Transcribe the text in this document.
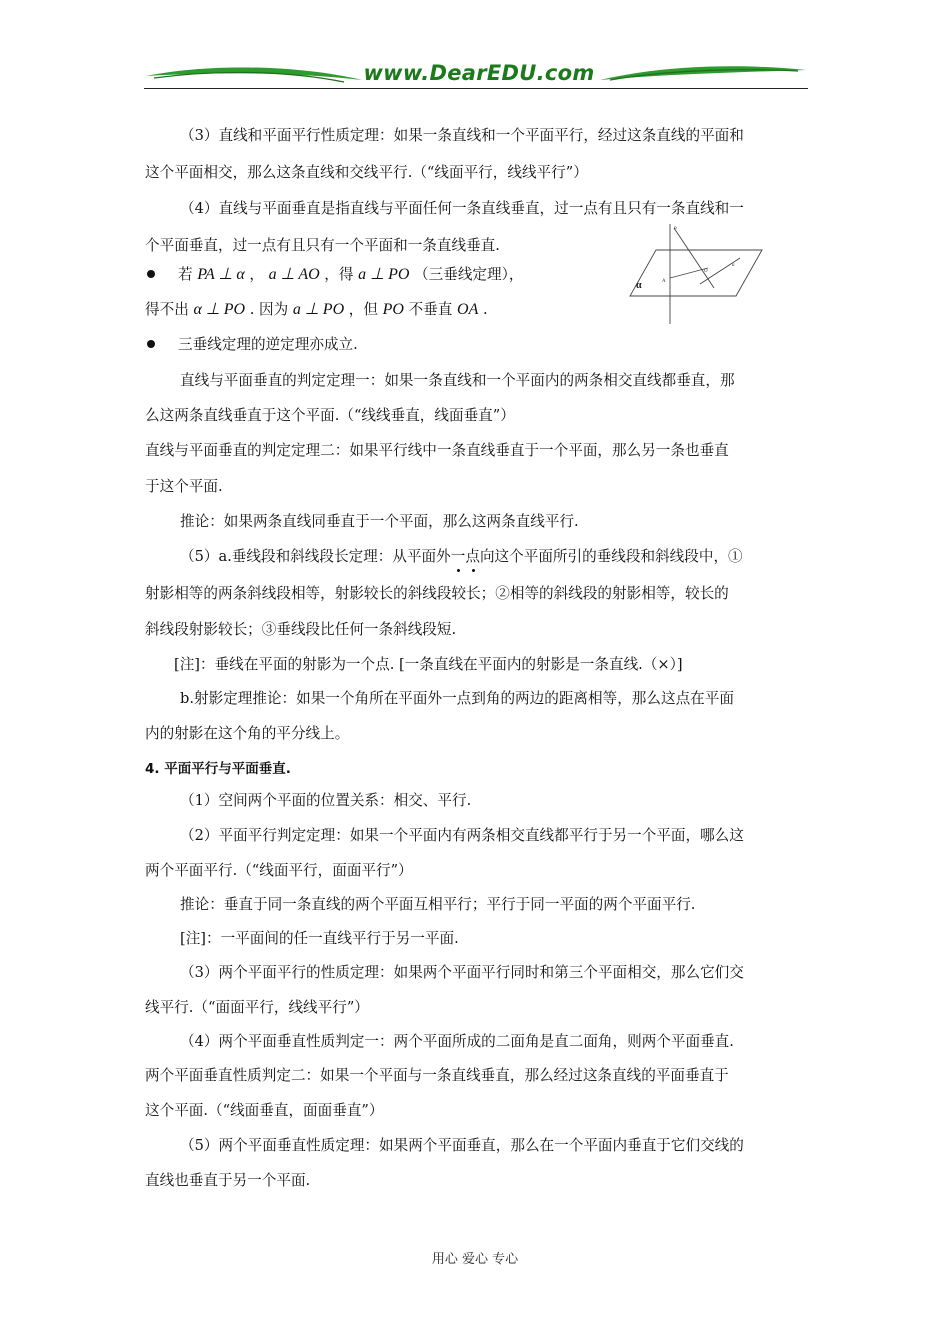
www.DearEDU.com
（3）直线和平面平行性质定理：如果一条直线和一个平面平行，经过这条直线的平面和
这个平面相交，那么这条直线和交线平行.（“线面平行，线线平行”）
（4）直线与平面垂直是指直线与平面任何一条直线垂直，过一点有且只有一条直线和一
个平面垂直，过一点有且只有一个平面和一条直线垂直.
若 PA ⊥ α ， a ⊥ AO ，得 a ⊥ PO （三垂线定理），
得不出 α ⊥ PO . 因为 a ⊥ PO ，但 PO 不垂直 OA .
三垂线定理的逆定理亦成立.
直线与平面垂直的判定定理一：如果一条直线和一个平面内的两条相交直线都垂直，那
么这两条直线垂直于这个平面.（“线线垂直，线面垂直”）
直线与平面垂直的判定定理二：如果平行线中一条直线垂直于一个平面，那么另一条也垂直
于这个平面.
推论：如果两条直线同垂直于一个平面，那么这两条直线平行.
（5）a.垂线段和斜线段长定理：从平面外一点向这个平面所引的垂线段和斜线段中，①
射影相等的两条斜线段相等，射影较长的斜线段较长；②相等的斜线段的射影相等，较长的
斜线段射影较长；③垂线段比任何一条斜线段短.
[注]：垂线在平面的射影为一个点. [一条直线在平面内的射影是一条直线.（×）]
b.射影定理推论：如果一个角所在平面外一点到角的两边的距离相等，那么这点在平面
内的射影在这个角的平分线上。
4. 平面平行与平面垂直.
（1）空间两个平面的位置关系：相交、平行.
（2）平面平行判定定理：如果一个平面内有两条相交直线都平行于另一个平面，哪么这
两个平面平行.（“线面平行，面面平行”）
推论：垂直于同一条直线的两个平面互相平行；平行于同一平面的两个平面平行.
[注]：一平面间的任一直线平行于另一平面.
（3）两个平面平行的性质定理：如果两个平面平行同时和第三个平面相交，那么它们交
线平行.（“面面平行，线线平行”）
（4）两个平面垂直性质判定一：两个平面所成的二面角是直二面角，则两个平面垂直.
两个平面垂直性质判定二：如果一个平面与一条直线垂直，那么经过这条直线的平面垂直于
这个平面.（“线面垂直，面面垂直”）
（5）两个平面垂直性质定理：如果两个平面垂直，那么在一个平面内垂直于它们交线的
直线也垂直于另一个平面.
α
P
O
A
a
用心 爱心 专心
